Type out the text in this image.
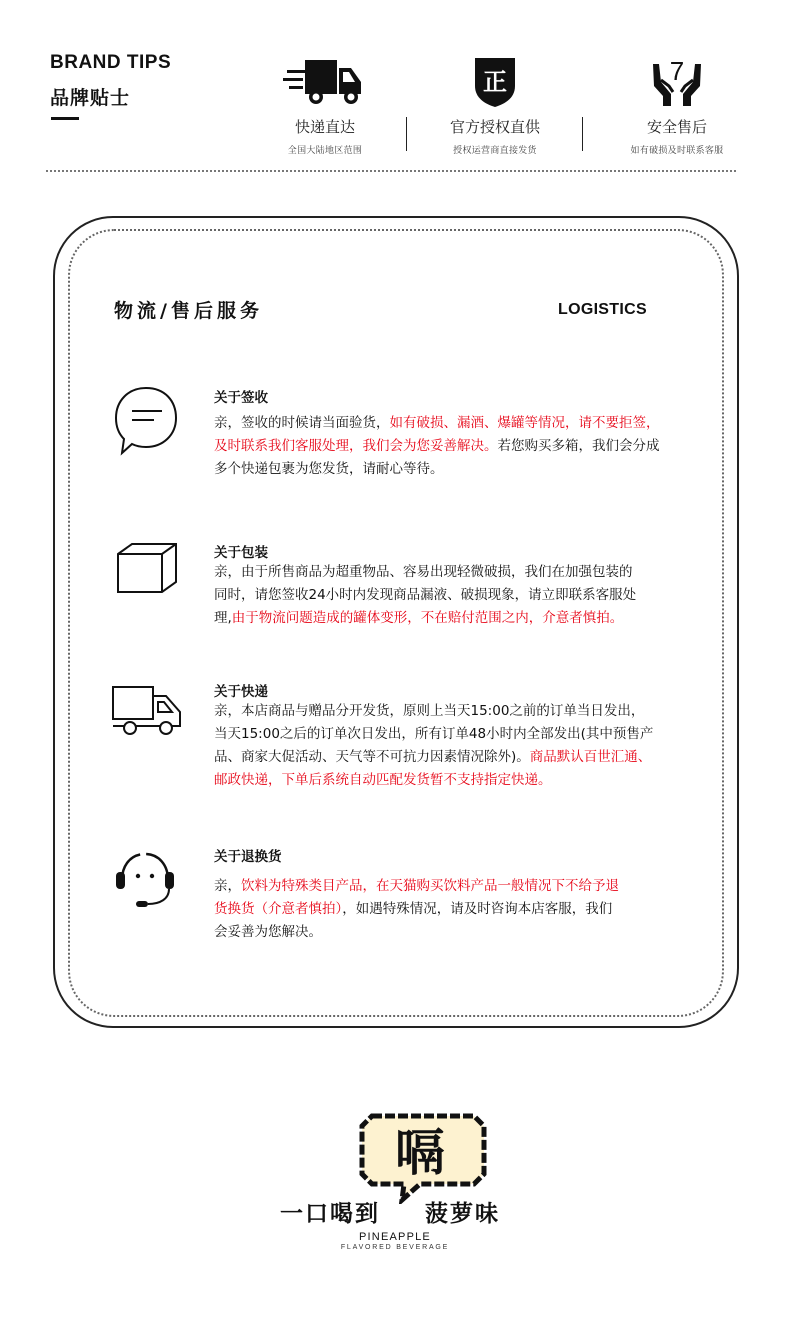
BRAND TIPS
品牌贴士
快递直达
全国大陆地区范围
正
官方授权直供
授权运营商直接发货
7
安全售后
如有破损及时联系客服
物流/售后服务	LOGISTICS
关于签收
亲，签收的时候请当面验货，如有破损、漏酒、爆罐等情况，请不要拒签，
及时联系我们客服处理，我们会为您妥善解决。若您购买多箱，我们会分成
多个快递包裹为您发货，请耐心等待。
关于包装
亲，由于所售商品为超重物品、容易出现轻微破损，我们在加强包装的
同时，请您签收24小时内发现商品漏液、破损现象，请立即联系客服处
理,由于物流问题造成的罐体变形，不在赔付范围之内，介意者慎拍。
关于快递
亲，本店商品与赠品分开发货，原则上当天15:00之前的订单当日发出，
当天15:00之后的订单次日发出，所有订单48小时内全部发出(其中预售产
品、商家大促活动、天气等不可抗力因素情况除外)。商品默认百世汇通、
邮政快递，下单后系统自动匹配发货暂不支持指定快递。
关于退换货
亲，饮料为特殊类目产品，在天猫购买饮料产品一般情况下不给予退
货换货（介意者慎拍），如遇特殊情况，请及时咨询本店客服，我们
会妥善为您解决。
嗝
一口喝到 菠萝味
PINEAPPLE
FLAVORED BEVERAGE
